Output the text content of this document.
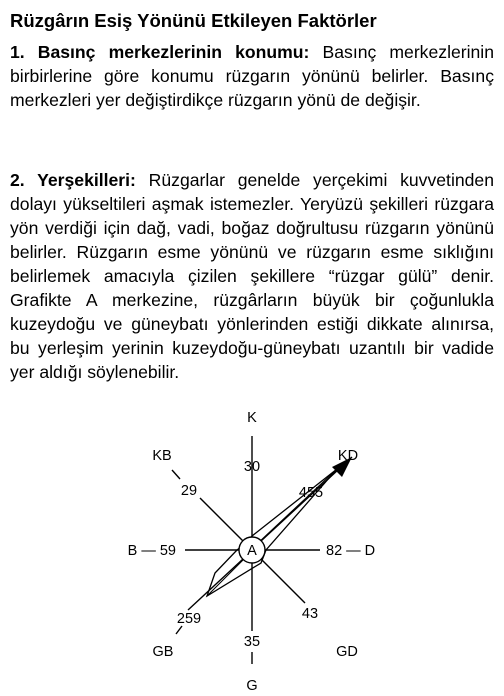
Rüzgârın Esiş Yönünü Etkileyen Faktörler
1. Basınç merkezlerinin konumu: Basınç merkezlerinin birbirlerine göre konumu rüzgarın yönünü belirler. Basınç merkezleri yer değiştirdikçe rüzgarın yönü de değişir.
2. Yerşekilleri: Rüzgarlar genelde yerçekimi kuvvetinden dolayı yükseltileri aşmak istemezler. Yeryüzü şekilleri rüzgara yön verdiği için dağ, vadi, boğaz doğrultusu rüzgarın yönünü belirler. Rüzgarın esme yönünü ve rüzgarın esme sıklığını belirlemek amacıyla çizilen şekillere “rüzgar gülü” denir. Grafikte A merkezine, rüzgârların büyük bir çoğunlukla kuzeydoğu ve güneybatı yönlerinden estiği dikkate alınırsa, bu yerleşim yerinin kuzeydoğu-güneybatı uzantılı bir vadide yer aldığı söylenebilir.
A
K
30
KD
455
82 — D
43
GD
35
G
259
GB
B — 59
KB
29
